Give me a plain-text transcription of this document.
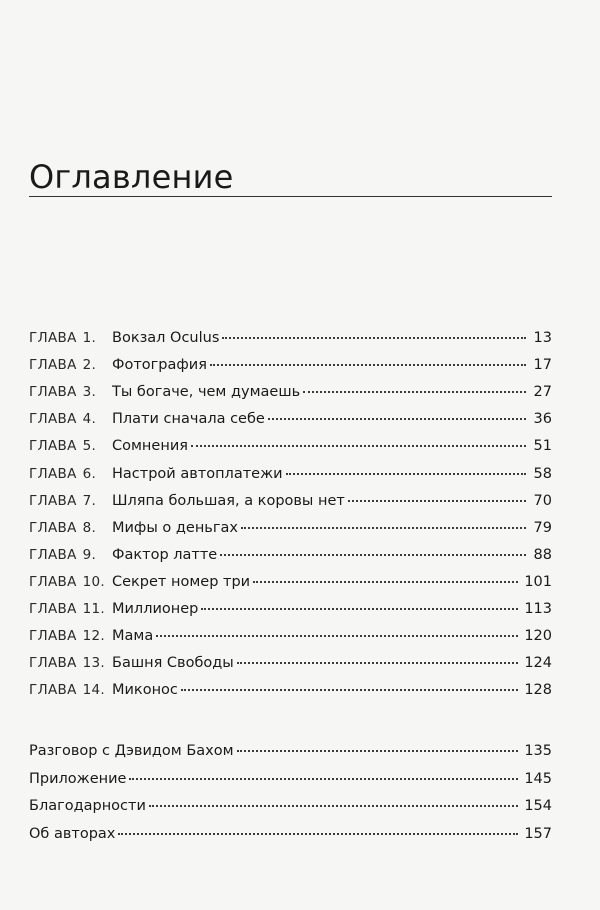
Оглавление
ГЛАВА 1. Вокзал Oculus	13
ГЛАВА 2. Фотография	17
ГЛАВА 3. Ты богаче, чем думаешь	27
ГЛАВА 4. Плати сначала себе	36
ГЛАВА 5. Сомнения	51
ГЛАВА 6. Настрой автоплатежи	58
ГЛАВА 7. Шляпа большая, а коровы нет	70
ГЛАВА 8. Мифы о деньгах	79
ГЛАВА 9. Фактор латте	88
ГЛАВА 10. Секрет номер три	101
ГЛАВА 11. Миллионер	113
ГЛАВА 12. Мама	120
ГЛАВА 13. Башня Свободы	124
ГЛАВА 14. Миконос	128
Разговор с Дэвидом Бахом	135
Приложение	145
Благодарности	154
Об авторах	157
